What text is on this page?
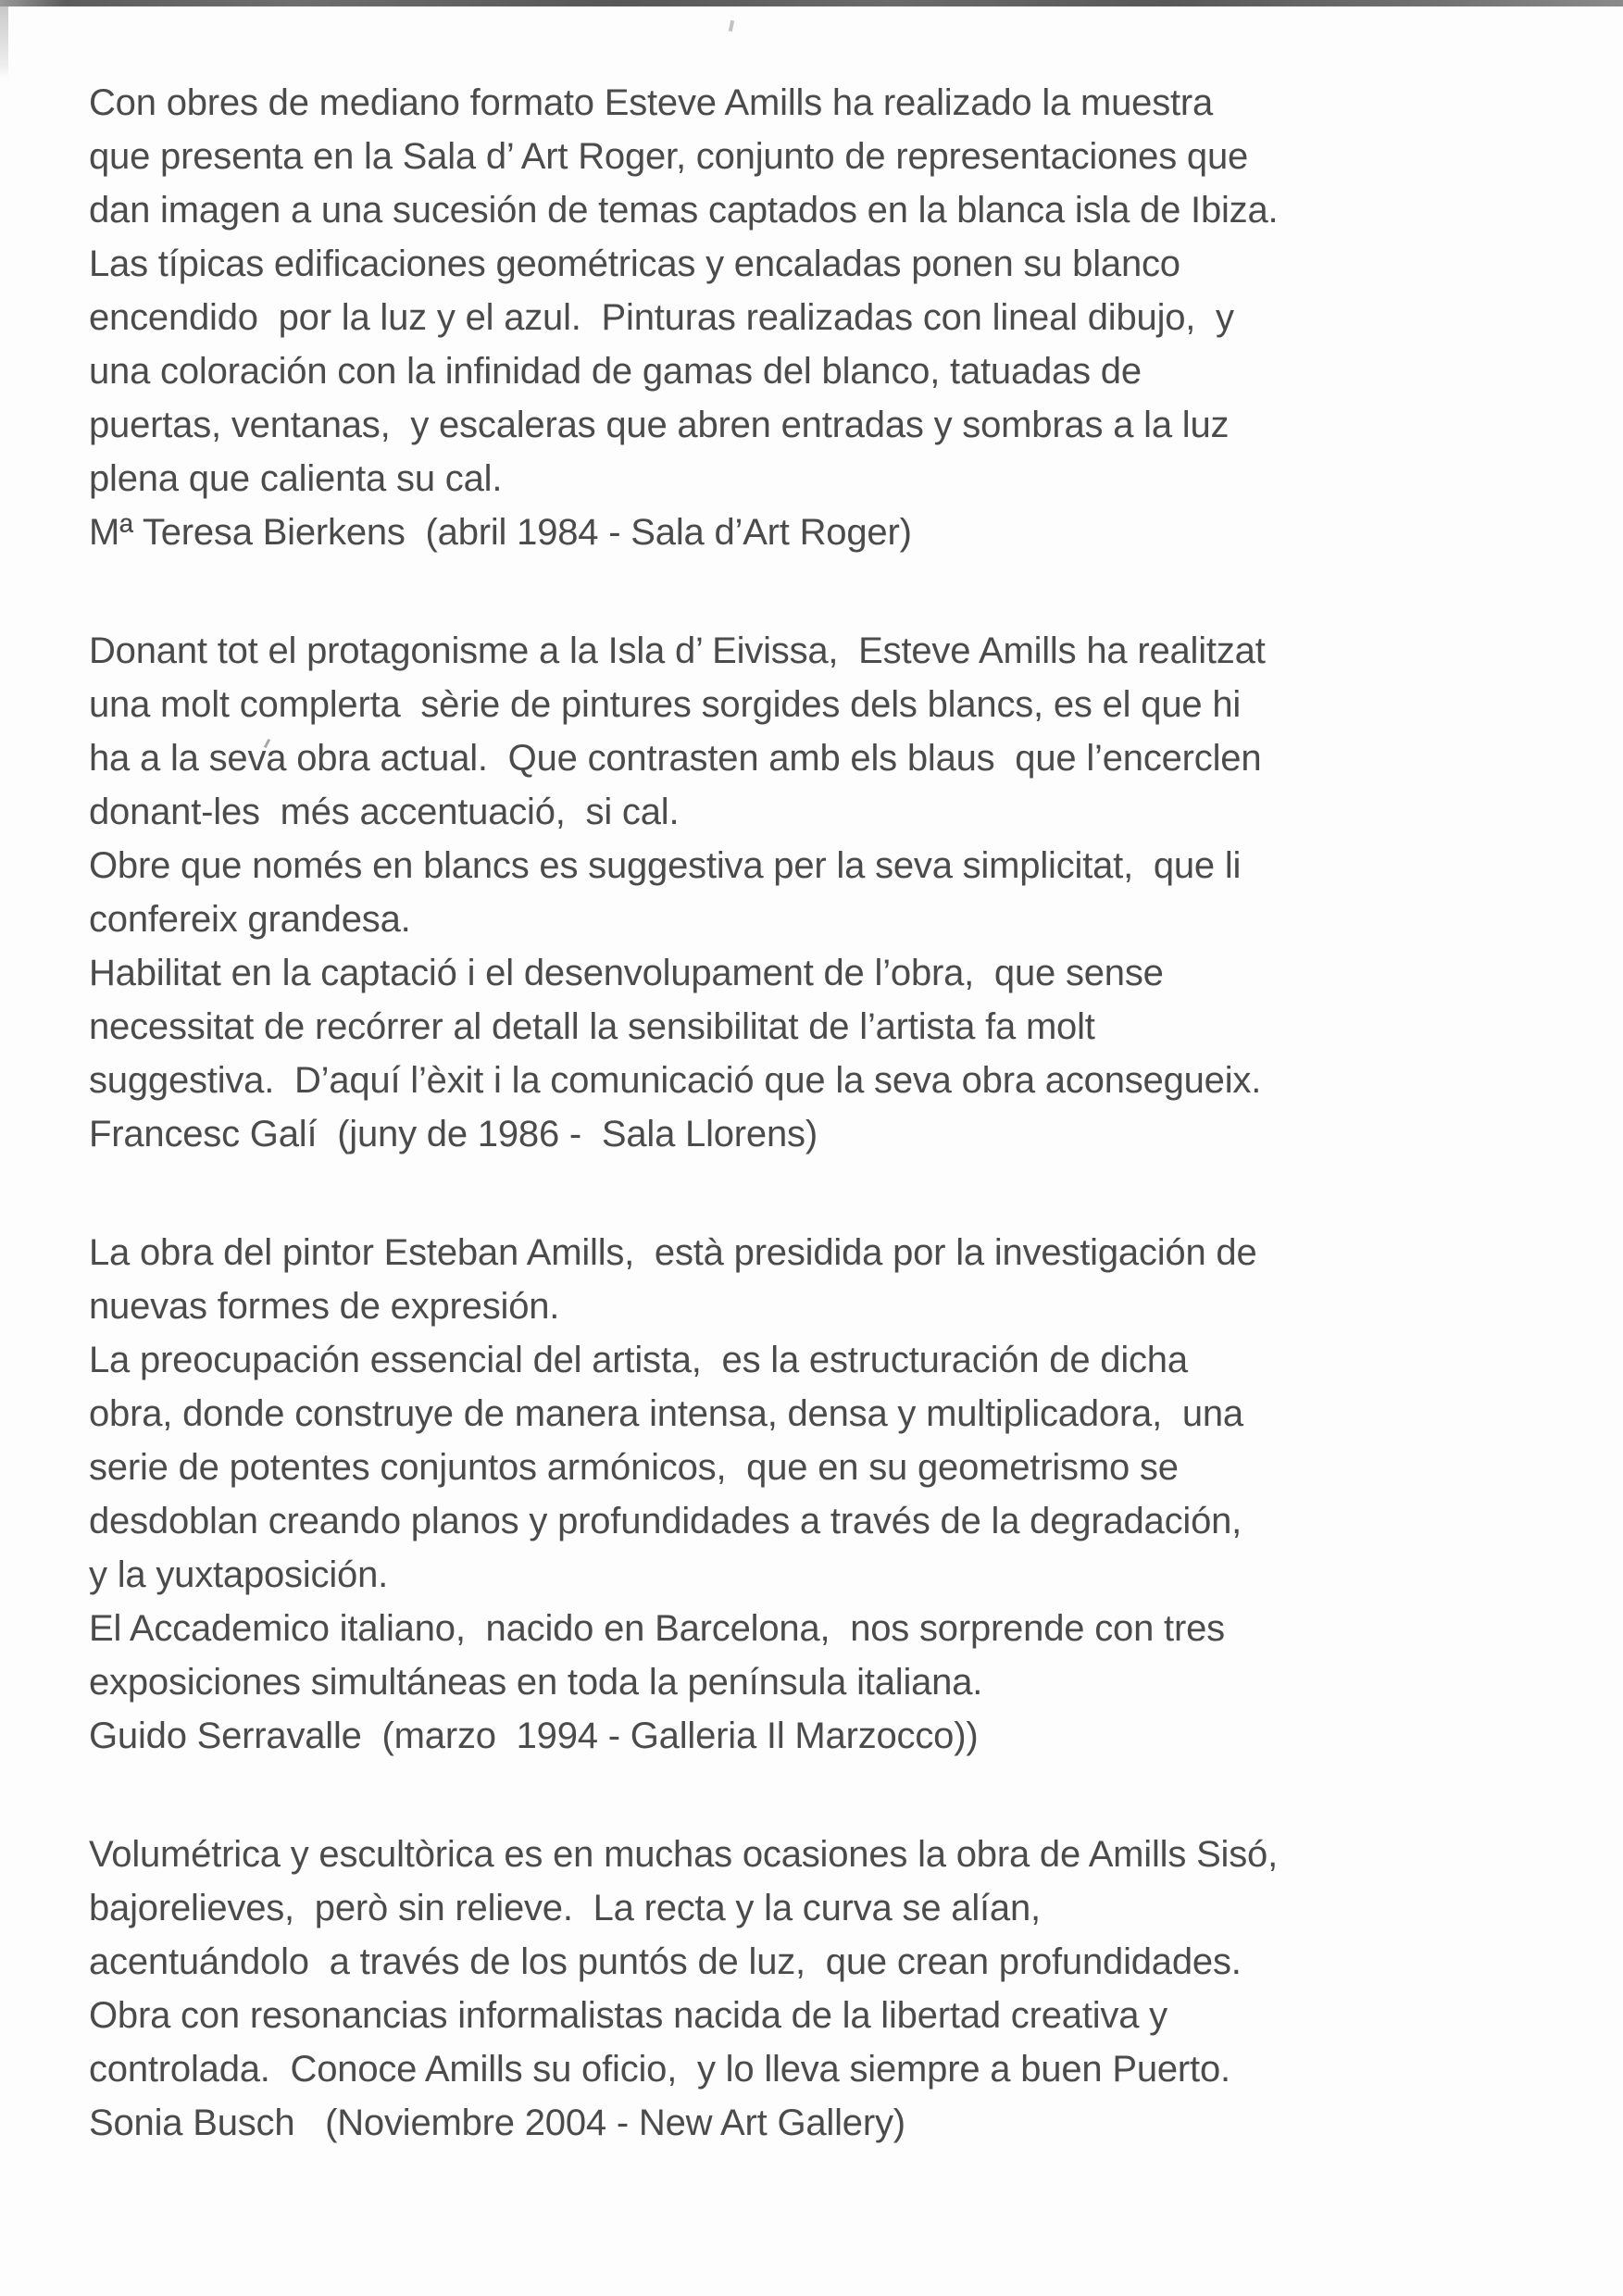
Con obres de mediano formato Esteve Amills ha realizado la muestra
que presenta en la Sala d’ Art Roger, conjunto de representaciones que
dan imagen a una sucesión de temas captados en la blanca isla de Ibiza.
Las típicas edificaciones geométricas y encaladas ponen su blanco
encendido  por la luz y el azul.  Pinturas realizadas con lineal dibujo,  y
una coloración con la infinidad de gamas del blanco, tatuadas de
puertas, ventanas,  y escaleras que abren entradas y sombras a la luz
plena que calienta su cal.
Mª Teresa Bierkens  (abril 1984 - Sala d’Art Roger)

Donant tot el protagonisme a la Isla d’ Eivissa,  Esteve Amills ha realitzat
una molt complerta  sèrie de pintures sorgides dels blancs, es el que hi
ha a la seva obra actual.  Que contrasten amb els blaus  que l’encerclen
donant-les  més accentuació,  si cal.
Obre que només en blancs es suggestiva per la seva simplicitat,  que li
confereix grandesa.
Habilitat en la captació i el desenvolupament de l’obra,  que sense
necessitat de recórrer al detall la sensibilitat de l’artista fa molt
suggestiva.  D’aquí l’èxit i la comunicació que la seva obra aconsegueix.
Francesc Galí  (juny de 1986 -  Sala Llorens)

La obra del pintor Esteban Amills,  està presidida por la investigación de
nuevas formes de expresión.
La preocupación essencial del artista,  es la estructuración de dicha
obra, donde construye de manera intensa, densa y multiplicadora,  una
serie de potentes conjuntos armónicos,  que en su geometrismo se
desdoblan creando planos y profundidades a través de la degradación,
y la yuxtaposición.
El Accademico italiano,  nacido en Barcelona,  nos sorprende con tres
exposiciones simultáneas en toda la península italiana.
Guido Serravalle  (marzo  1994 - Galleria Il Marzocco))

Volumétrica y escultòrica es en muchas ocasiones la obra de Amills Sisó,
bajorelieves,  però sin relieve.  La recta y la curva se alían,
acentuándolo  a través de los puntós de luz,  que crean profundidades.
Obra con resonancias informalistas nacida de la libertad creativa y
controlada.  Conoce Amills su oficio,  y lo lleva siempre a buen Puerto.
Sonia Busch   (Noviembre 2004 - New Art Gallery)
